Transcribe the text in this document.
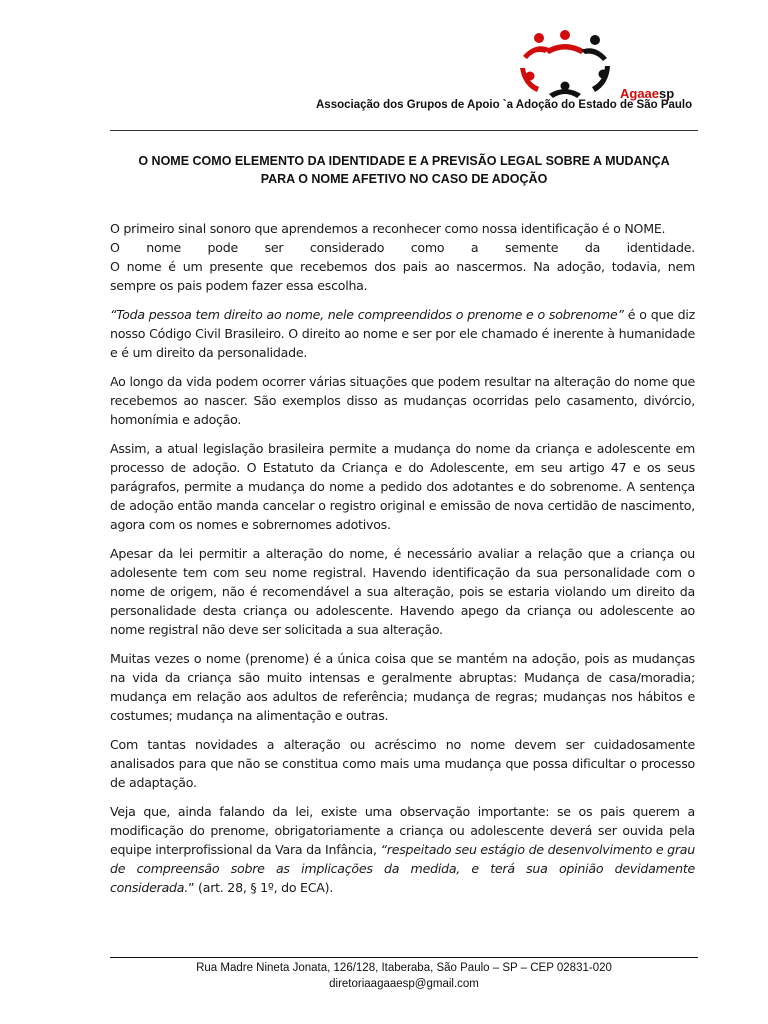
Agaaesp
Associação dos Grupos de Apoio `a Adoção do Estado de São Paulo
O NOME COMO ELEMENTO DA IDENTIDADE E A PREVISÃO LEGAL SOBRE A MUDANÇA
PARA O NOME AFETIVO NO CASO DE ADOÇÃO

O primeiro sinal sonoro que aprendemos a reconhecer como nossa identificação é o NOME.
O nome pode ser considerado como a semente da identidade.
O nome é um presente que recebemos dos pais ao nascermos. Na adoção, todavia, nem sempre os pais podem fazer essa escolha.

“Toda pessoa tem direito ao nome, nele compreendidos o prenome e o sobrenome” é o que diz nosso Código Civil Brasileiro. O direito ao nome e ser por ele chamado é inerente à humanidade e é um direito da personalidade.

Ao longo da vida podem ocorrer várias situações que podem resultar na alteração do nome que recebemos ao nascer. São exemplos disso as mudanças ocorridas pelo casamento, divórcio, homonímia e adoção.

Assim, a atual legislação brasileira permite a mudança do nome da criança e adolescente em processo de adoção. O Estatuto da Criança e do Adolescente, em seu artigo 47 e os seus parágrafos, permite a mudança do nome a pedido dos adotantes e do sobrenome. A sentença de adoção então manda cancelar o registro original e emissão de nova certidão de nascimento, agora com os nomes e sobrernomes adotivos.

Apesar da lei permitir a alteração do nome, é necessário avaliar a relação que a criança ou adolesente tem com seu nome registral. Havendo identificação da sua personalidade com o nome de origem, não é recomendável a sua alteração, pois se estaria violando um direito da personalidade desta criança ou adolescente. Havendo apego da criança ou adolescente ao nome registral não deve ser solicitada a sua alteração.

Muitas vezes o nome (prenome) é a única coisa que se mantém na adoção, pois as mudanças na vida da criança são muito intensas e geralmente abruptas: Mudança de casa/moradia; mudança em relação aos adultos de referência; mudança de regras; mudanças nos hábitos e costumes; mudança na alimentação e outras.

Com tantas novidades a alteração ou acréscimo no nome devem ser cuidadosamente analisados para que não se constitua como mais uma mudança que possa dificultar o processo de adaptação.

Veja que, ainda falando da lei, existe uma observação importante: se os pais querem a modificação do prenome, obrigatoriamente a criança ou adolescente deverá ser ouvida pela equipe interprofissional da Vara da Infância, “respeitado seu estágio de desenvolvimento e grau de compreensão sobre as implicações da medida, e terá sua opinião devidamente considerada.” (art. 28, § 1º, do ECA).

Rua Madre Nineta Jonata, 126/128, Itaberaba, São Paulo – SP – CEP 02831-020
diretoriaagaaesp@gmail.com
